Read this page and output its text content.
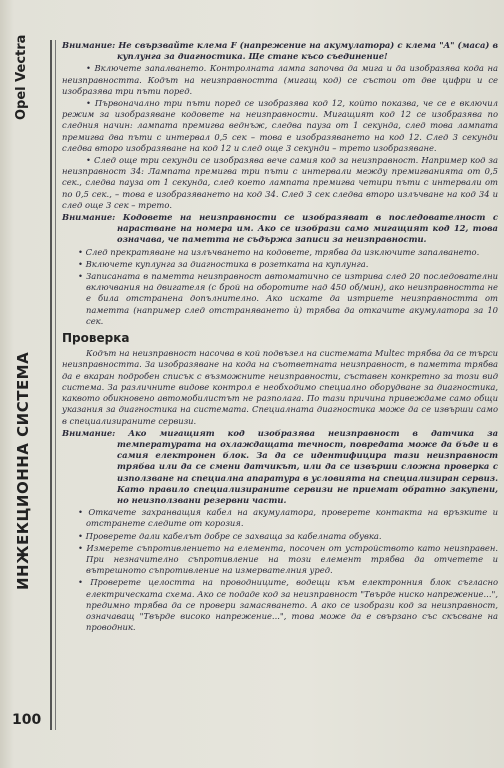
Opel Vectra
ИНЖЕКЦИОННА СИСТЕМА
100

Внимание: Не свързвайте клема F (напрежение на акумулатора) с клема "A" (маса) в куплунга за диагностика. Ще стане късо съединение!

• Включете запалването. Контролната лампа започва да мига и да изобразява кода на неизправността. Кодът на неизправността (мигащ код) се състои от две цифри и се изобразява три пъти поред.

• Първоначално три пъти поред се изобразява код 12, който показва, че се е включил режим за изобразяване кодовете на неизправности. Мигащият код 12 се изобразява по следния начин: лампата премигва веднъж, следва пауза от 1 секунда, след това лампата премигва два пъти с интервал 0,5 сек – това е изобразяването на код 12. След 3 секунди следва второ изобразяване на код 12 и след още 3 секунди – трето изобразяване.

• След още три секунди се изобразява вече самия код за неизправност. Например код за неизправност 34: Лампата премигва три пъти с интервали между премигванията от 0,5 сек., следва пауза от 1 секунда, след което лампата премигва четири пъти с интервали от по 0,5 сек., – това е изобразяването на код 34. След 3 сек следва второ излъчване на код 34 и след още 3 сек – трето.

Внимание: Кодовете на неизправности се изобразяват в последователност с нарастване на номера им. Ако се изобрази само мигащият код 12, това означава, че паметта не съдържа записи за неизправности.

• След прекратяване на излъчването на кодовете, трябва да изключите запалването.
• Включете куплунга за диагностика в розетката на куплунга.
• Записаната в паметта неизправност автоматично се изтрива след 20 последователни включвания на двигателя (с брой на оборотите над 450 об/мин), ако неизправността не е била отстранена допълнително. Ако искате да изтриете неизправността от паметта (например след отстраняването ѝ) трябва да откачите акумулатора за 10 сек.
Проверка

Кодът на неизправност насочва в кой подвъзел на системата Multec трябва да се търси неизправността. За изобразяване на кода на съответната неизправност, в паметта трябва да е вкаран подробен списък с възможните неизправности, съставен конкретно за този вид система. За различните видове контрол е необходимо специално оборудване за диагностика, каквото обикновено автомобилистът не разполага. По тази причина привеждаме само общи указания за диагностика на системата. Специалната диагностика може да се извърши само в специализираните сервизи.

Внимание: Ако мигащият код изобразява неизправност в датчика за температурата на охлаждащата течност, повредата може да бъде и в самия електронен блок. За да се идентифицира тази неизправност трябва или да се смени датчикът, или да се извърши сложна проверка с използване на специална апаратура в условията на специализиран сервиз. Като правило специализираните сервизи не приемат обратно закупени, но неизползвани резервни части.

• Откачете захранващия кабел на акумулатора, проверете контакта на връзките и отстранете следите от корозия.
• Проверете дали кабелът добре се захваща за кабелната обувка.
• Измерете съпротивлението на елемента, посочен от устройството като неизправен. При незначително съпротивление на този елемент трябва да отчетете и вътрешното съпротивление на измервателния уред.
• Проверете целостта на проводниците, водещи към електронния блок съгласно електрическата схема. Ако се подаде код за неизправност "Твърде ниско напрежение...", предимно трябва да се провери замасяването. А ако се изобрази код за неизправност, означаващ "Твърде високо напрежение...", това може да е свързано със скъсване на проводник.
